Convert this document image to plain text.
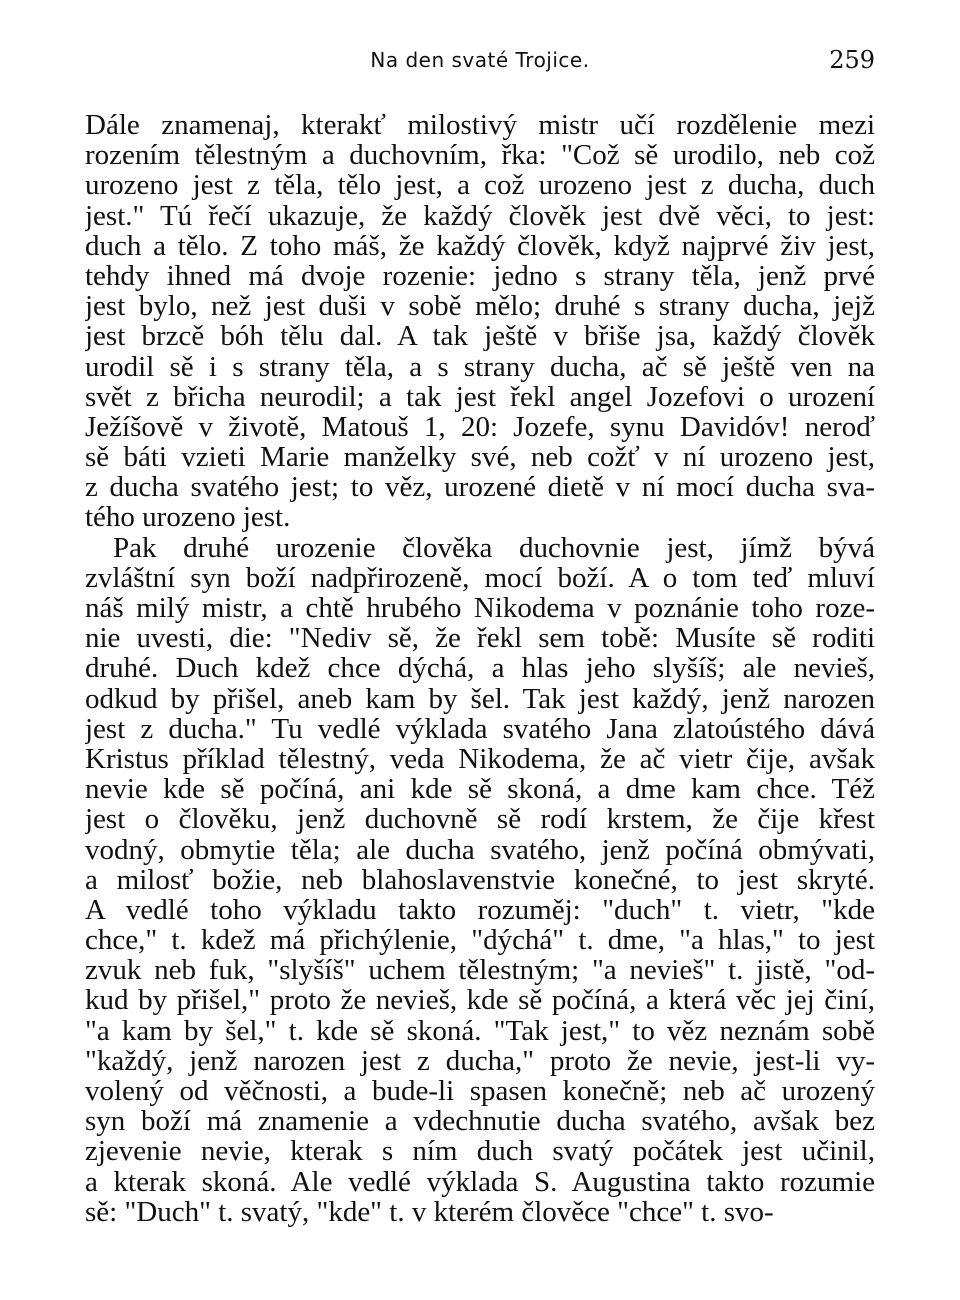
Na den svaté Trojice.	259
Dále znamenaj, kterakť milostivý mistr učí rozdělenie mezi
rozením tělestným a duchovním, řka: "Což sě urodilo, neb což
urozeno jest z těla, tělo jest, a což urozeno jest z ducha, duch
jest." Tú řečí ukazuje, že každý člověk jest dvě věci, to jest:
duch a tělo. Z toho máš, že každý člověk, když najprvé živ jest,
tehdy ihned má dvoje rozenie: jedno s strany těla, jenž prvé
jest bylo, než jest duši v sobě mělo; druhé s strany ducha, jejž
jest brzcě bóh tělu dal. A tak ještě v břiše jsa, každý člověk
urodil sě i s strany těla, a s strany ducha, ač sě ještě ven na
svět z břicha neurodil; a tak jest řekl angel Jozefovi o urození
Ježíšově v životě, Matouš 1, 20: Jozefe, synu Davidóv! neroď
sě báti vzieti Marie manželky své, neb cožť v ní urozeno jest,
z ducha svatého jest; to věz, urozené dietě v ní mocí ducha sva-
tého urozeno jest.
Pak druhé urozenie člověka duchovnie jest, jímž bývá
zvláštní syn boží nadpřirozeně, mocí boží. A o tom teď mluví
náš milý mistr, a chtě hrubého Nikodema v poznánie toho roze-
nie uvesti, die: "Nediv sě, že řekl sem tobě: Musíte sě roditi
druhé. Duch kdež chce dýchá, a hlas jeho slyšíš; ale nevieš,
odkud by přišel, aneb kam by šel. Tak jest každý, jenž narozen
jest z ducha." Tu vedlé výklada svatého Jana zlatoústého dává
Kristus příklad tělestný, veda Nikodema, že ač vietr čije, avšak
nevie kde sě počíná, ani kde sě skoná, a dme kam chce. Též
jest o člověku, jenž duchovně sě rodí krstem, že čije křest
vodný, obmytie těla; ale ducha svatého, jenž počíná obmývati,
a milosť božie, neb blahoslavenstvie konečné, to jest skryté.
A vedlé toho výkladu takto rozuměj: "duch" t. vietr, "kde
chce," t. kdež má přichýlenie, "dýchá" t. dme, "a hlas," to jest
zvuk neb fuk, "slyšíš" uchem tělestným; "a nevieš" t. jistě, "od-
kud by přišel," proto že nevieš, kde sě počíná, a která věc jej činí,
"a kam by šel," t. kde sě skoná. "Tak jest," to věz neznám sobě
"každý, jenž narozen jest z ducha," proto že nevie, jest-li vy-
volený od věčnosti, a bude-li spasen konečně; neb ač urozený
syn boží má znamenie a vdechnutie ducha svatého, avšak bez
zjevenie nevie, kterak s ním duch svatý počátek jest učinil,
a kterak skoná. Ale vedlé výklada S. Augustina takto rozumie
sě: "Duch" t. svatý, "kde" t. v kterém člověce "chce" t. svo-
